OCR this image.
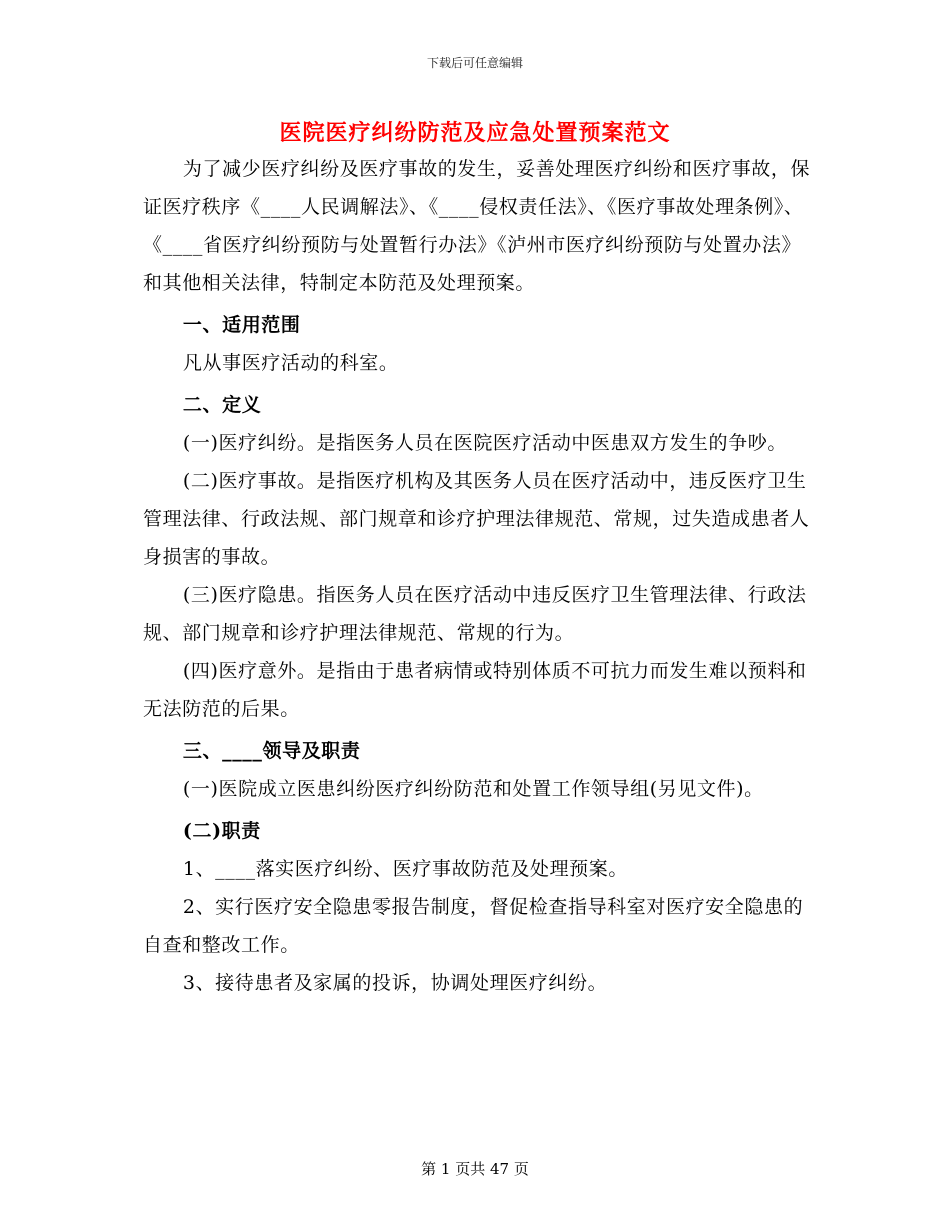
下载后可任意编辑
医院医疗纠纷防范及应急处置预案范文

为了减少医疗纠纷及医疗事故的发生，妥善处理医疗纠纷和医疗事故，保证医疗秩序《____人民调解法》、《____侵权责任法》、《医疗事故处理条例》、《____省医疗纠纷预防与处置暂行办法》《泸州市医疗纠纷预防与处置办法》和其他相关法律，特制定本防范及处理预案。

一、适用范围

凡从事医疗活动的科室。

二、定义

(一)医疗纠纷。是指医务人员在医院医疗活动中医患双方发生的争吵。

(二)医疗事故。是指医疗机构及其医务人员在医疗活动中，违反医疗卫生管理法律、行政法规、部门规章和诊疗护理法律规范、常规，过失造成患者人身损害的事故。

(三)医疗隐患。指医务人员在医疗活动中违反医疗卫生管理法律、行政法规、部门规章和诊疗护理法律规范、常规的行为。

(四)医疗意外。是指由于患者病情或特别体质不可抗力而发生难以预料和无法防范的后果。

三、____领导及职责

(一)医院成立医患纠纷医疗纠纷防范和处置工作领导组(另见文件)。

(二)职责

1、____落实医疗纠纷、医疗事故防范及处理预案。

2、实行医疗安全隐患零报告制度，督促检查指导科室对医疗安全隐患的自查和整改工作。

3、接待患者及家属的投诉，协调处理医疗纠纷。

第 1 页共 47 页
